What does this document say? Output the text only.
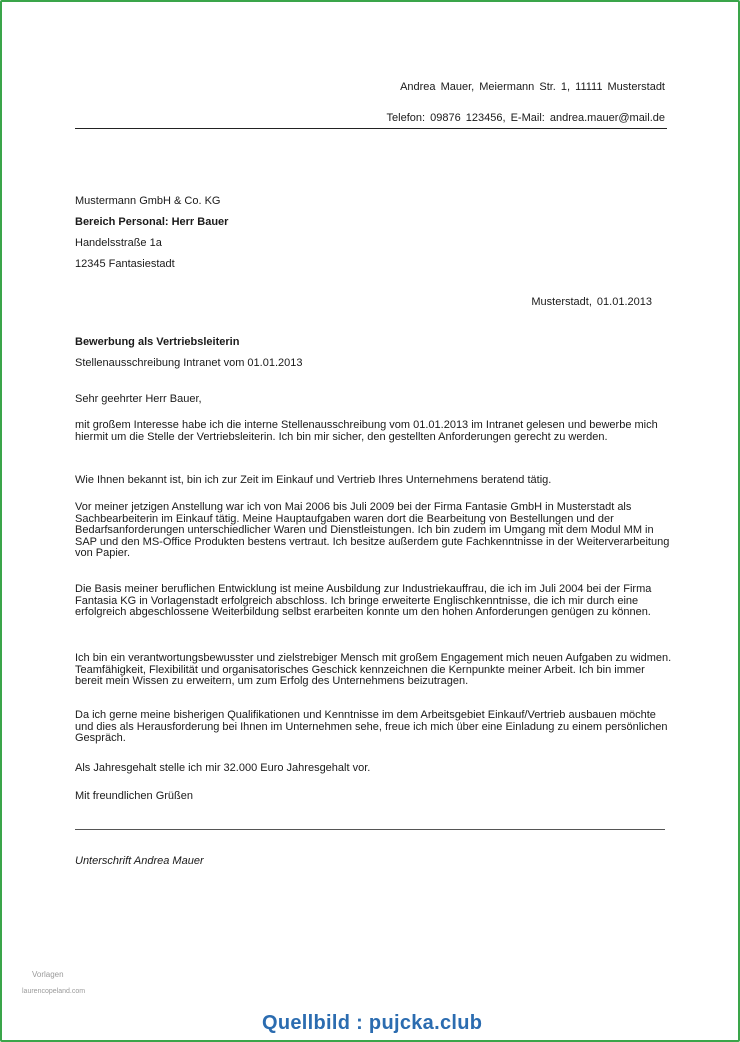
Andrea Mauer, Meiermann Str. 1, 11111 Musterstadt
Telefon: 09876 123456, E-Mail: andrea.mauer@mail.de
Mustermann GmbH & Co. KG
Bereich Personal: Herr Bauer
Handelsstraße 1a
12345 Fantasiestadt
Musterstadt, 01.01.2013
Bewerbung als Vertriebsleiterin
Stellenausschreibung Intranet vom 01.01.2013
Sehr geehrter Herr Bauer,
mit großem Interesse habe ich die interne Stellenausschreibung vom 01.01.2013 im Intranet gelesen und bewerbe mich hiermit um die Stelle der Vertriebsleiterin. Ich bin mir sicher, den gestellten Anforderungen gerecht zu werden.
Wie Ihnen bekannt ist, bin ich zur Zeit im Einkauf und Vertrieb Ihres Unternehmens beratend tätig.
Vor meiner jetzigen Anstellung war ich von Mai 2006 bis Juli 2009 bei der Firma Fantasie GmbH in Musterstadt als Sachbearbeiterin im Einkauf tätig. Meine Hauptaufgaben waren dort die Bearbeitung von Bestellungen und der Bedarfsanforderungen unterschiedlicher Waren und Dienstleistungen. Ich bin zudem im Umgang mit dem Modul MM in SAP und den MS-Office Produkten bestens vertraut. Ich besitze außerdem gute Fachkenntnisse in der Weiterverarbeitung von Papier.
Die Basis meiner beruflichen Entwicklung ist meine Ausbildung zur Industriekauffrau, die ich im Juli 2004 bei der Firma Fantasia KG in Vorlagenstadt erfolgreich abschloss. Ich bringe erweiterte Englischkenntnisse, die ich mir durch eine erfolgreich abgeschlossene Weiterbildung selbst erarbeiten konnte um den hohen Anforderungen genügen zu können.
Ich bin ein verantwortungsbewusster und zielstrebiger Mensch mit großem Engagement mich neuen Aufgaben zu widmen. Teamfähigkeit, Flexibilität und organisatorisches Geschick kennzeichnen die Kernpunkte meiner Arbeit. Ich bin immer bereit mein Wissen zu erweitern, um zum Erfolg des Unternehmens beizutragen.
Da ich gerne meine bisherigen Qualifikationen und Kenntnisse im dem Arbeitsgebiet Einkauf/Vertrieb ausbauen möchte und dies als Herausforderung bei Ihnen im Unternehmen sehe, freue ich mich über eine Einladung zu einem persönlichen Gespräch.
Als Jahresgehalt stelle ich mir 32.000 Euro Jahresgehalt vor.
Mit freundlichen Grüßen
Unterschrift Andrea Mauer
Vorlagen
laurencopeland.com
Quellbild : pujcka.club
